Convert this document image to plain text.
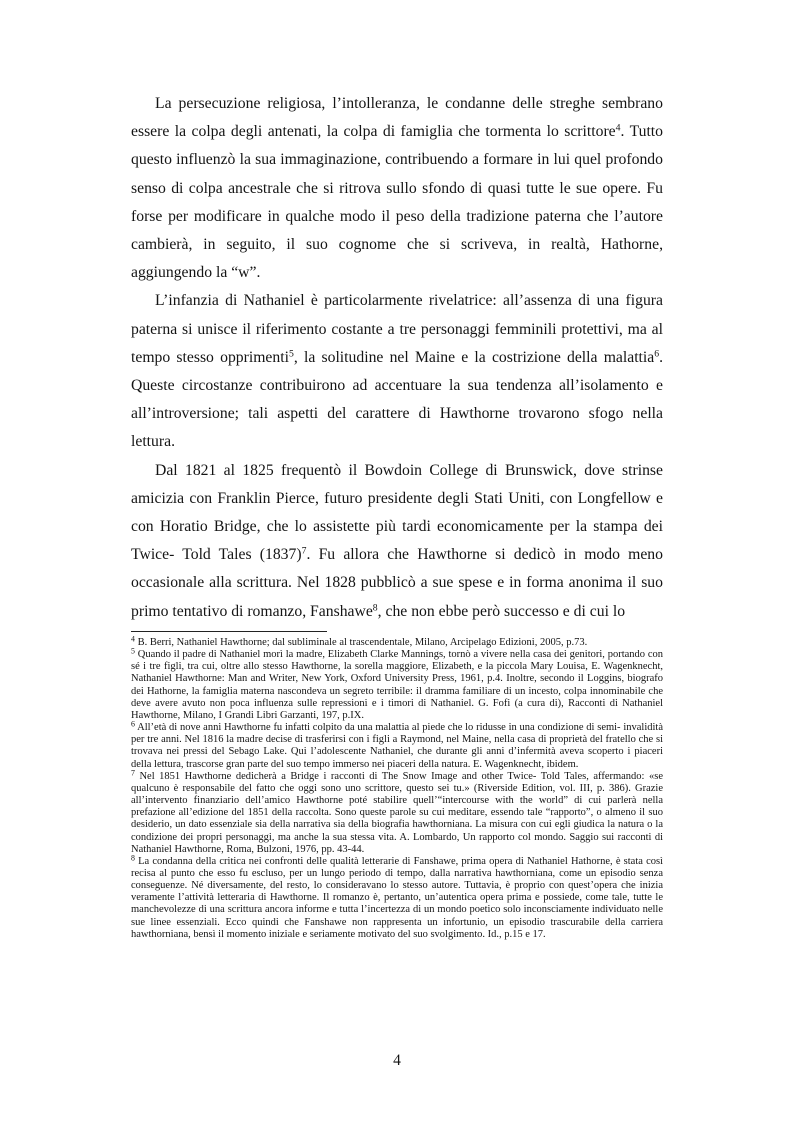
La persecuzione religiosa, l’intolleranza, le condanne delle streghe sembrano essere la colpa degli antenati, la colpa di famiglia che tormenta lo scrittore$^4$. Tutto questo influenzò la sua immaginazione, contribuendo a formare in lui quel profondo senso di colpa ancestrale che si ritrova sullo sfondo di quasi tutte le sue opere. Fu forse per modificare in qualche modo il peso della tradizione paterna che l’autore cambierà, in seguito, il suo cognome che si scriveva, in realtà, Hathorne, aggiungendo la “w”.

L’infanzia di Nathaniel è particolarmente rivelatrice: all’assenza di una figura paterna si unisce il riferimento costante a tre personaggi femminili protettivi, ma al tempo stesso opprimenti$^5$, la solitudine nel Maine e la costrizione della malattia$^6$. Queste circostanze contribuirono ad accentuare la sua tendenza all’isolamento e all’introversione; tali aspetti del carattere di Hawthorne trovarono sfogo nella lettura.

Dal 1821 al 1825 frequentò il Bowdoin College di Brunswick, dove strinse amicizia con Franklin Pierce, futuro presidente degli Stati Uniti, con Longfellow e con Horatio Bridge, che lo assistette più tardi economicamente per la stampa dei Twice- Told Tales $(1837)^7$. Fu allora che Hawthorne si dedicò in modo meno occasionale alla scrittura. Nel 1828 pubblicò a sue spese e in forma anonima il suo primo tentativo di romanzo, Fanshawe$^8$, che non ebbe però successo e di cui lo

$^4$ B. Berri, Nathaniel Hawthorne; dal subliminale al trascendentale, Milano, Arcipelago Edizioni, 2005, p.73.

$^5$ Quando il padre di Nathaniel morì la madre, Elizabeth Clarke Mannings, tornò a vivere nella casa dei genitori, portando con sé i tre figli, tra cui, oltre allo stesso Hawthorne, la sorella maggiore, Elizabeth, e la piccola Mary Louisa, E. Wagenknecht, Nathaniel Hawthorne: Man and Writer, New York, Oxford University Press, 1961, p.4. Inoltre, secondo il Loggins, biografo dei Hathorne, la famiglia materna nascondeva un segreto terribile: il dramma familiare di un incesto, colpa innominabile che deve avere avuto non poca influenza sulle repressioni e i timori di Nathaniel. G. Fofi (a cura di), Racconti di Nathaniel Hawthorne, Milano, I Grandi Libri Garzanti, 197, p.IX.

$^6$ All’età di nove anni Hawthorne fu infatti colpito da una malattia al piede che lo ridusse in una condizione di semi- invalidità per tre anni. Nel 1816 la madre decise di trasferirsi con i figli a Raymond, nel Maine, nella casa di proprietà del fratello che si trovava nei pressi del Sebago Lake. Qui l’adolescente Nathaniel, che durante gli anni d’infermità aveva scoperto i piaceri della lettura, trascorse gran parte del suo tempo immerso nei piaceri della natura. E. Wagenknecht, ibidem.

$^7$ Nel 1851 Hawthorne dedicherà a Bridge i racconti di The Snow Image and other Twice- Told Tales, affermando: «se qualcuno è responsabile del fatto che oggi sono uno scrittore, questo sei tu.» (Riverside Edition, vol. III, p. 386). Grazie all’intervento finanziario dell’amico Hawthorne poté stabilire quell’“intercourse with the world” di cui parlerà nella prefazione all’edizione del 1851 della raccolta. Sono queste parole su cui meditare, essendo tale “rapporto”, o almeno il suo desiderio, un dato essenziale sia della narrativa sia della biografia hawthorniana. La misura con cui egli giudica la natura o la condizione dei propri personaggi, ma anche la sua stessa vita. A. Lombardo, Un rapporto col mondo. Saggio sui racconti di Nathaniel Hawthorne, Roma, Bulzoni, 1976, pp. 43-44.

$^8$ La condanna della critica nei confronti delle qualità letterarie di Fanshawe, prima opera di Nathaniel Hathorne, è stata così recisa al punto che esso fu escluso, per un lungo periodo di tempo, dalla narrativa hawthorniana, come un episodio senza conseguenze. Né diversamente, del resto, lo consideravano lo stesso autore. Tuttavia, è proprio con quest’opera che inizia veramente l’attività letteraria di Hawthorne. Il romanzo è, pertanto, un’autentica opera prima e possiede, come tale, tutte le manchevolezze di una scrittura ancora informe e tutta l’incertezza di un mondo poetico solo inconsciamente individuato nelle sue linee essenziali. Ecco quindi che Fanshawe non rappresenta un infortunio, un episodio trascurabile della carriera hawthorniana, bensì il momento iniziale e seriamente motivato del suo svolgimento. Id., p.15 e 17.

4
